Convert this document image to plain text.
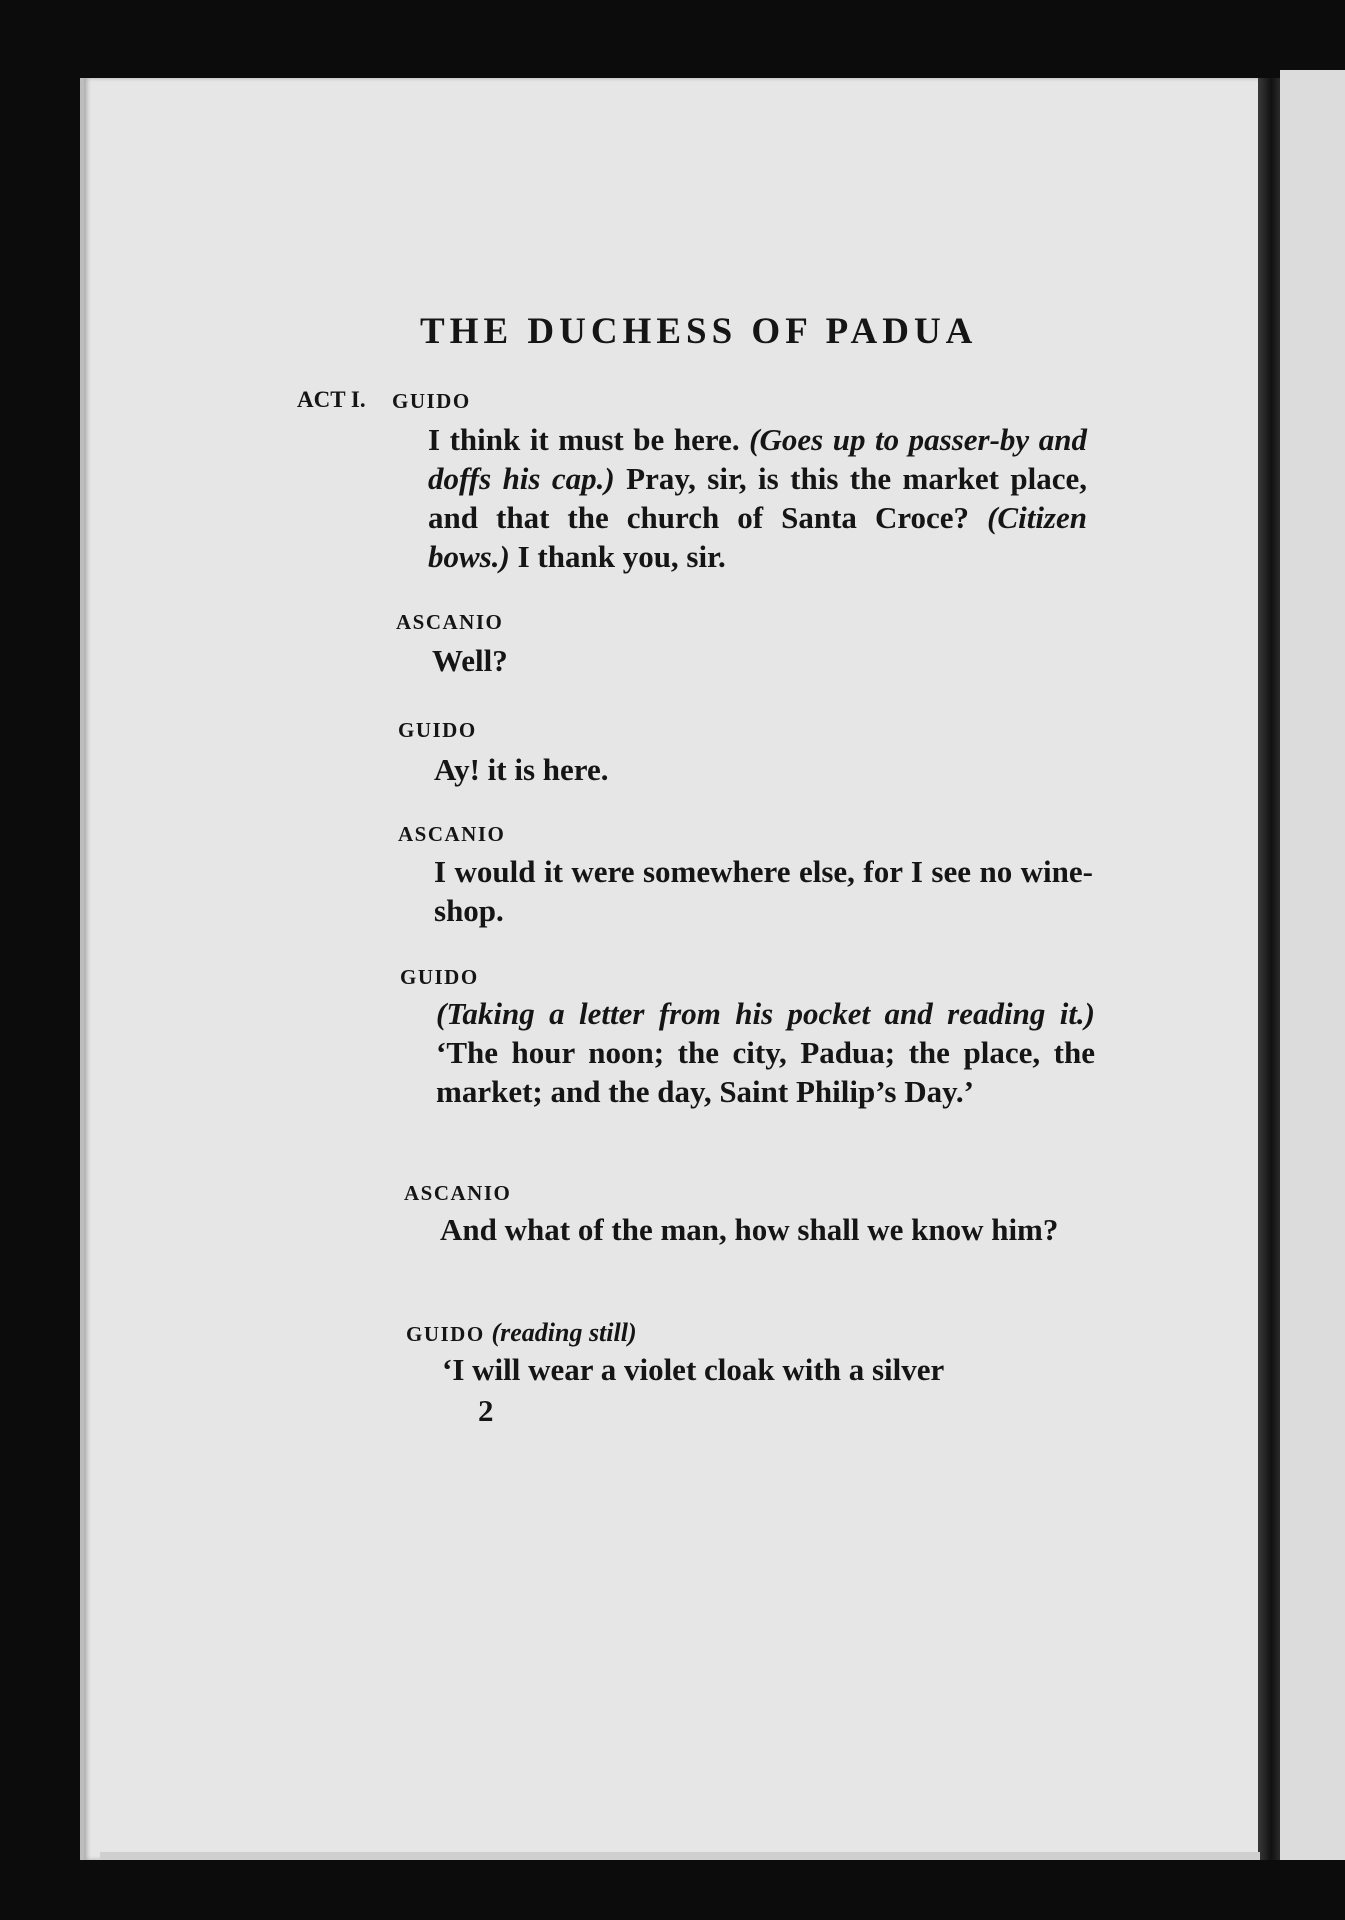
THE DUCHESS OF PADUA
ACT I. GUIDO
I think it must be here. (Goes up to passer-by and doffs his cap.) Pray, sir, is this the market place, and that the church of Santa Croce? (Citizen bows.) I thank you, sir.
ASCANIO
Well?
GUIDO
Ay! it is here.
ASCANIO
I would it were somewhere else, for I see no wine-shop.
GUIDO
(Taking a letter from his pocket and reading it.) ‘The hour noon; the city, Padua; the place, the market; and the day, Saint Philip’s Day.’
ASCANIO
And what of the man, how shall we know him?
GUIDO (reading still)
‘I will wear a violet cloak with a silver
2
